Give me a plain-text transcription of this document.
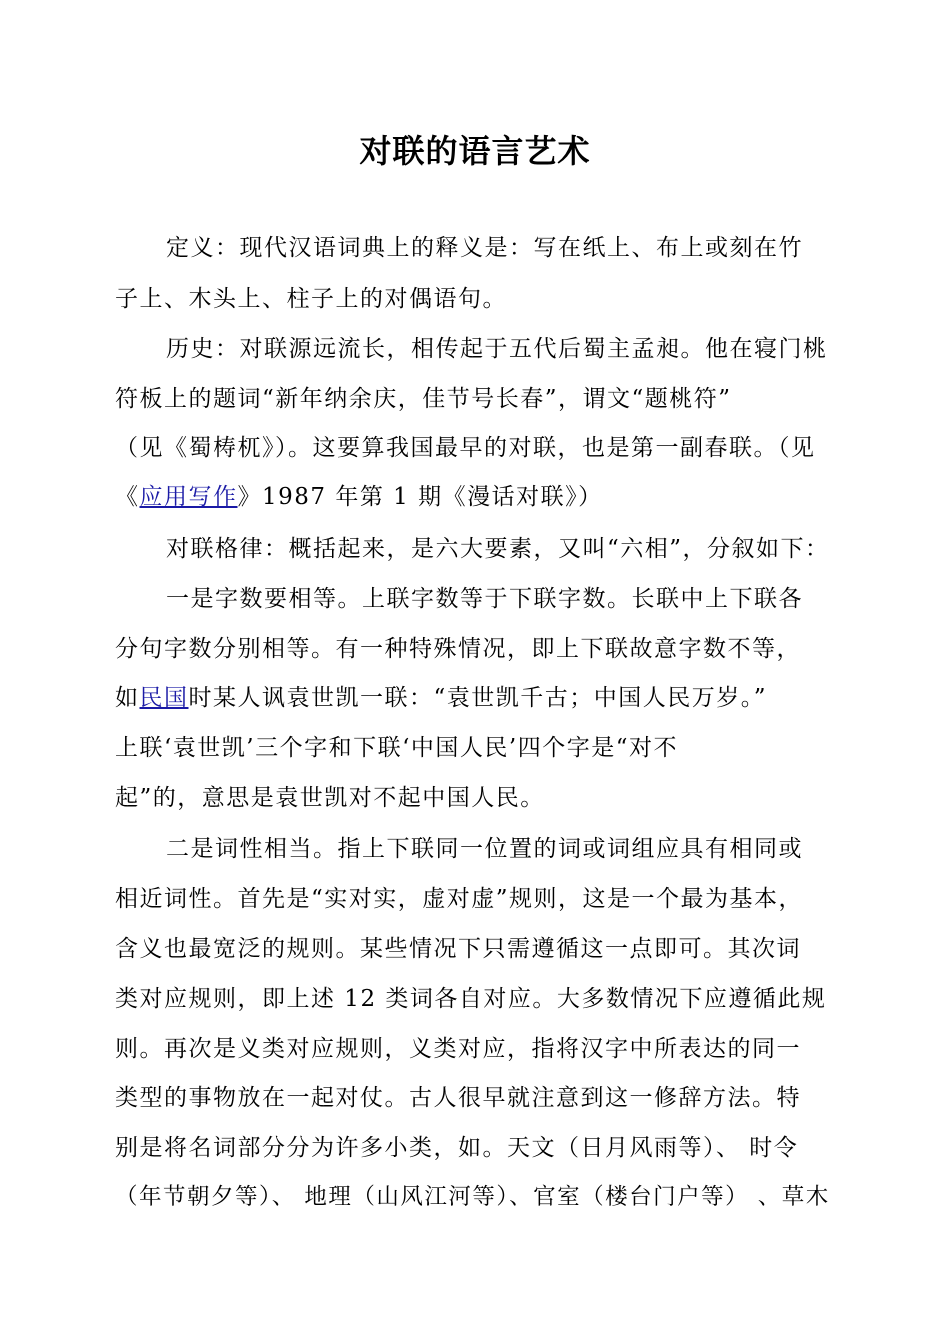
对联的语言艺术
定义：现代汉语词典上的释义是：写在纸上、布上或刻在竹
子上、木头上、柱子上的对偶语句。
历史：对联源远流长，相传起于五代后蜀主孟昶。他在寝门桃
符板上的题词“新年纳余庆，佳节号长春”，谓文“题桃符”
（见《蜀梼杌》）。这要算我国最早的对联，也是第一副春联。（见
《应用写作》1987 年第 1 期《漫话对联》）
对联格律：概括起来，是六大要素，又叫“六相”，分叙如下：
一是字数要相等。上联字数等于下联字数。长联中上下联各
分句字数分别相等。有一种特殊情况，即上下联故意字数不等，
如民国时某人讽袁世凯一联：“袁世凯千古；中国人民万岁。”
上联‘袁世凯’三个字和下联‘中国人民’四个字是“对不
起”的，意思是袁世凯对不起中国人民。
二是词性相当。指上下联同一位置的词或词组应具有相同或
相近词性。首先是“实对实，虚对虚”规则，这是一个最为基本，
含义也最宽泛的规则。某些情况下只需遵循这一点即可。其次词
类对应规则，即上述 12 类词各自对应。大多数情况下应遵循此规
则。再次是义类对应规则，义类对应，指将汉字中所表达的同一
类型的事物放在一起对仗。古人很早就注意到这一修辞方法。特
别是将名词部分分为许多小类，如。天文（日月风雨等）、 时令
（年节朝夕等）、 地理（山风江河等）、官室（楼台门户等） 、草木
